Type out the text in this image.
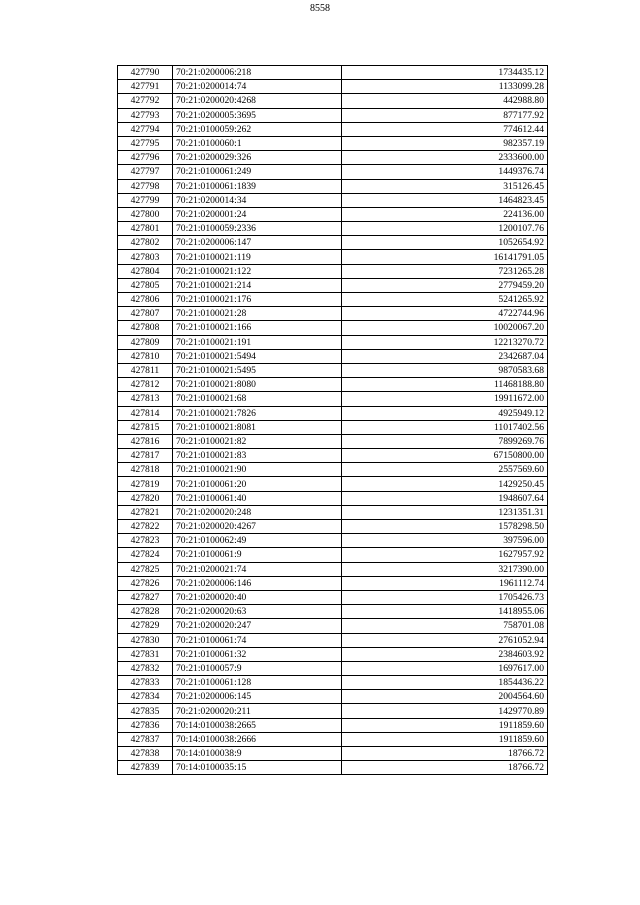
8558
427790	70:21:0200006:218	1734435.12
427791	70:21:0200014:74	1133099.28
427792	70:21:0200020:4268	442988.80
427793	70:21:0200005:3695	877177.92
427794	70:21:0100059:262	774612.44
427795	70:21:0100060:1	982357.19
427796	70:21:0200029:326	2333600.00
427797	70:21:0100061:249	1449376.74
427798	70:21:0100061:1839	315126.45
427799	70:21:0200014:34	1464823.45
427800	70:21:0200001:24	224136.00
427801	70:21:0100059:2336	1200107.76
427802	70:21:0200006:147	1052654.92
427803	70:21:0100021:119	16141791.05
427804	70:21:0100021:122	7231265.28
427805	70:21:0100021:214	2779459.20
427806	70:21:0100021:176	5241265.92
427807	70:21:0100021:28	4722744.96
427808	70:21:0100021:166	10020067.20
427809	70:21:0100021:191	12213270.72
427810	70:21:0100021:5494	2342687.04
427811	70:21:0100021:5495	9870583.68
427812	70:21:0100021:8080	11468188.80
427813	70:21:0100021:68	19911672.00
427814	70:21:0100021:7826	4925949.12
427815	70:21:0100021:8081	11017402.56
427816	70:21:0100021:82	7899269.76
427817	70:21:0100021:83	67150800.00
427818	70:21:0100021:90	2557569.60
427819	70:21:0100061:20	1429250.45
427820	70:21:0100061:40	1948607.64
427821	70:21:0200020:248	1231351.31
427822	70:21:0200020:4267	1578298.50
427823	70:21:0100062:49	397596.00
427824	70:21:0100061:9	1627957.92
427825	70:21:0200021:74	3217390.00
427826	70:21:0200006:146	1961112.74
427827	70:21:0200020:40	1705426.73
427828	70:21:0200020:63	1418955.06
427829	70:21:0200020:247	758701.08
427830	70:21:0100061:74	2761052.94
427831	70:21:0100061:32	2384603.92
427832	70:21:0100057:9	1697617.00
427833	70:21:0100061:128	1854436.22
427834	70:21:0200006:145	2004564.60
427835	70:21:0200020:211	1429770.89
427836	70:14:0100038:2665	1911859.60
427837	70:14:0100038:2666	1911859.60
427838	70:14:0100038:9	18766.72
427839	70:14:0100035:15	18766.72
